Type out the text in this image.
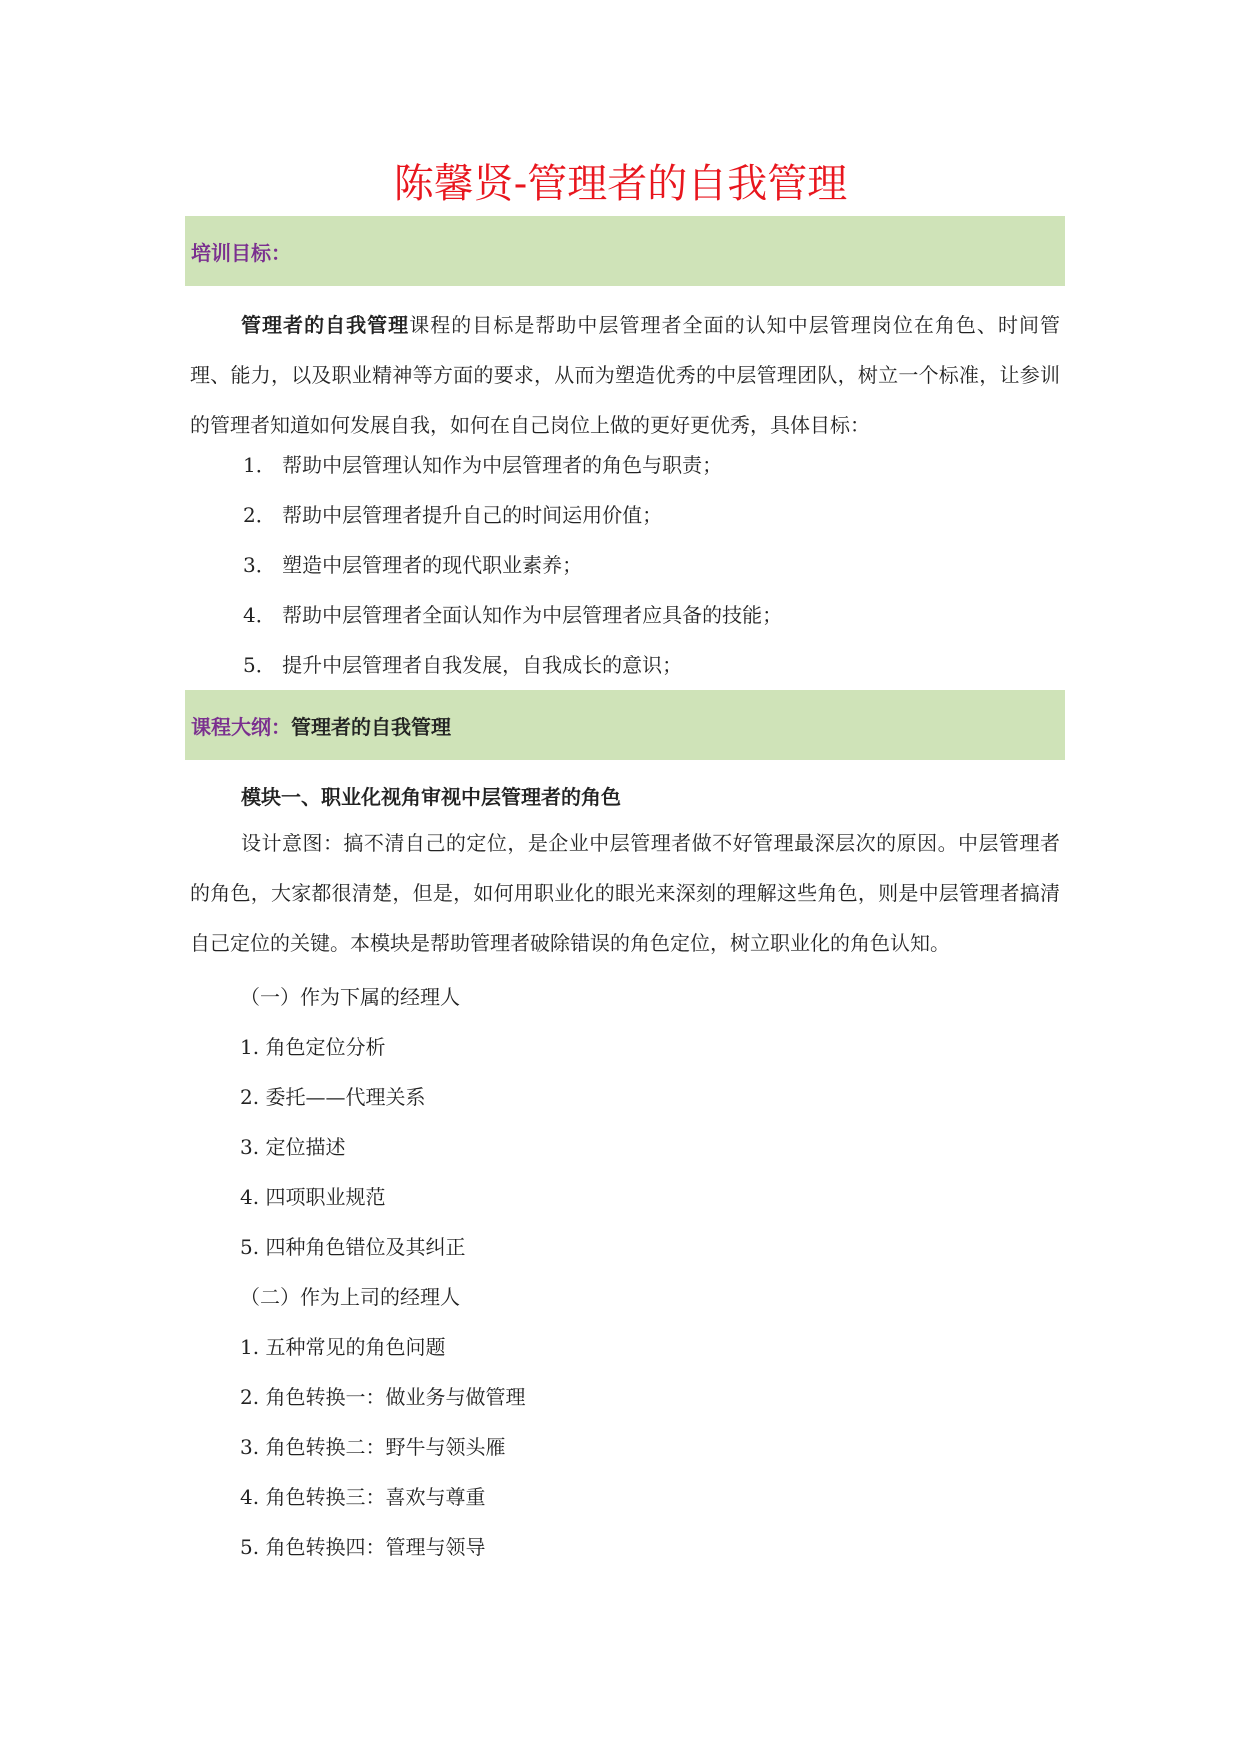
陈馨贤-管理者的自我管理
培训目标：

管理者的自我管理课程的目标是帮助中层管理者全面的认知中层管理岗位在角色、时间管理、能力，以及职业精神等方面的要求，从而为塑造优秀的中层管理团队，树立一个标准，让参训的管理者知道如何发展自我，如何在自己岗位上做的更好更优秀，具体目标：

1． 帮助中层管理认知作为中层管理者的角色与职责；

2． 帮助中层管理者提升自己的时间运用价值；

3． 塑造中层管理者的现代职业素养；

4． 帮助中层管理者全面认知作为中层管理者应具备的技能；

5． 提升中层管理者自我发展，自我成长的意识；

课程大纲： 管理者的自我管理

模块一、职业化视角审视中层管理者的角色

设计意图：搞不清自己的定位，是企业中层管理者做不好管理最深层次的原因。中层管理者的角色，大家都很清楚，但是，如何用职业化的眼光来深刻的理解这些角色，则是中层管理者搞清自己定位的关键。本模块是帮助管理者破除错误的角色定位，树立职业化的角色认知。

（一）作为下属的经理人

1. 角色定位分析

2. 委托——代理关系

3. 定位描述

4. 四项职业规范

5. 四种角色错位及其纠正

（二）作为上司的经理人

1. 五种常见的角色问题

2. 角色转换一：做业务与做管理

3. 角色转换二：野牛与领头雁

4. 角色转换三：喜欢与尊重

5. 角色转换四：管理与领导
